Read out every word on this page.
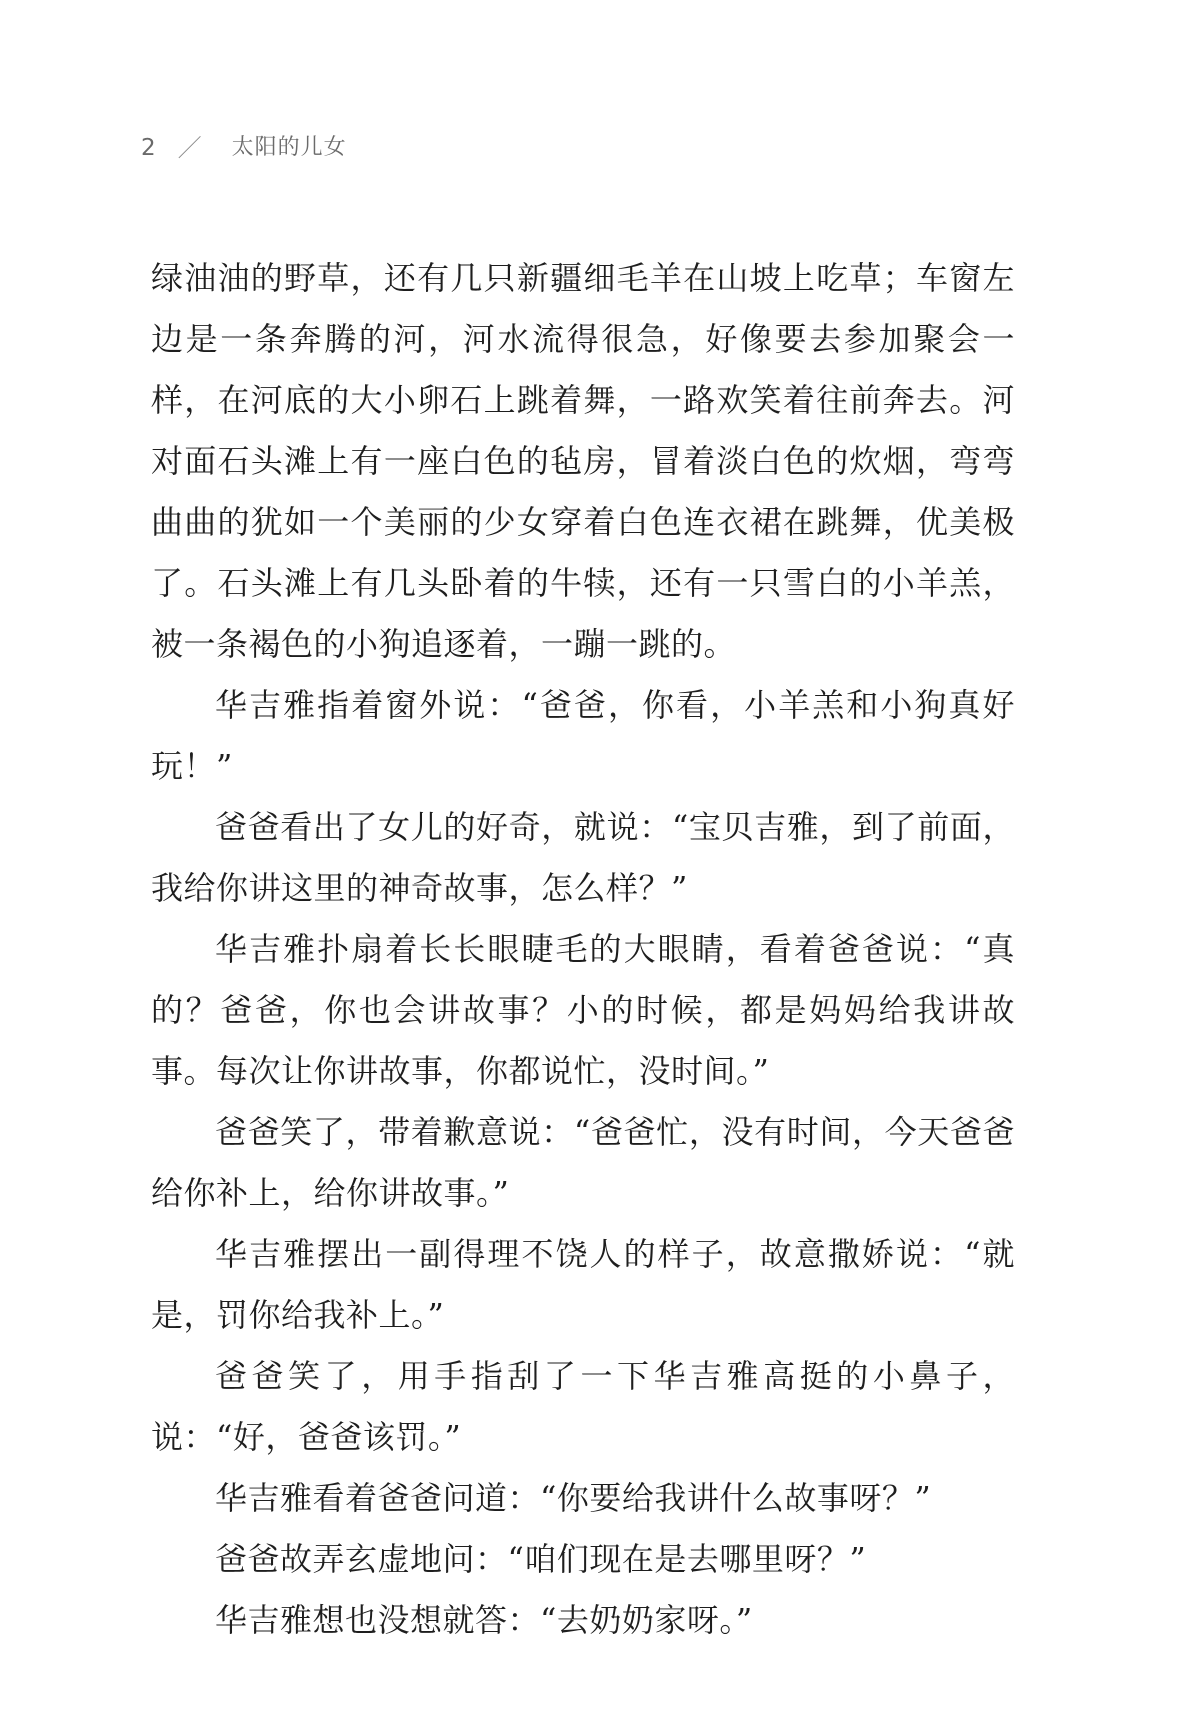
2 ／ 太阳的儿女

绿油油的野草，还有几只新疆细毛羊在山坡上吃草；车窗左边是一条奔腾的河，河水流得很急，好像要去参加聚会一样，在河底的大小卵石上跳着舞，一路欢笑着往前奔去。河对面石头滩上有一座白色的毡房，冒着淡白色的炊烟，弯弯曲曲的犹如一个美丽的少女穿着白色连衣裙在跳舞，优美极了。石头滩上有几头卧着的牛犊，还有一只雪白的小羊羔，被一条褐色的小狗追逐着，一蹦一跳的。

华吉雅指着窗外说：“爸爸，你看，小羊羔和小狗真好玩！”

爸爸看出了女儿的好奇，就说：“宝贝吉雅，到了前面，我给你讲这里的神奇故事，怎么样？”

华吉雅扑扇着长长眼睫毛的大眼睛，看着爸爸说：“真的？爸爸，你也会讲故事？小的时候，都是妈妈给我讲故事。每次让你讲故事，你都说忙，没时间。”

爸爸笑了，带着歉意说：“爸爸忙，没有时间，今天爸爸给你补上，给你讲故事。”

华吉雅摆出一副得理不饶人的样子，故意撒娇说：“就是，罚你给我补上。”

爸爸笑了，用手指刮了一下华吉雅高挺的小鼻子，说：“好，爸爸该罚。”

华吉雅看着爸爸问道：“你要给我讲什么故事呀？”

爸爸故弄玄虚地问：“咱们现在是去哪里呀？”

华吉雅想也没想就答：“去奶奶家呀。”
